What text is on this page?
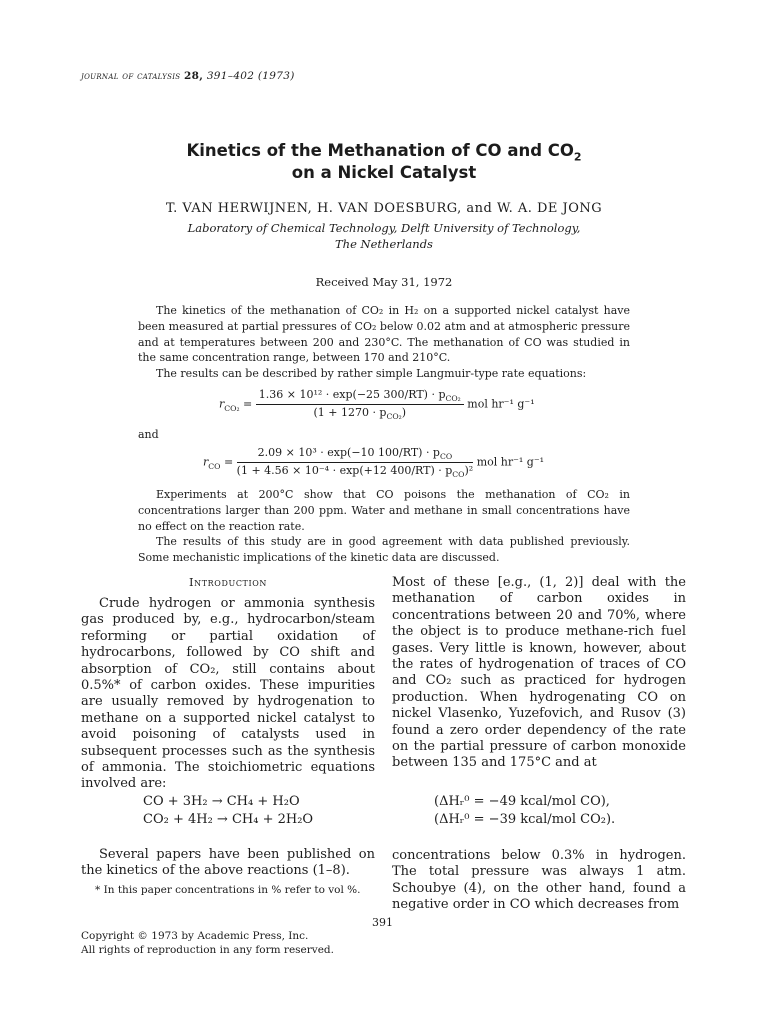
journal of catalysis 28, 391–402 (1973)
Kinetics of the Methanation of CO and $CO_2$
on a Nickel Catalyst
T. VAN HERWIJNEN, H. VAN DOESBURG, and W. A. DE JONG
Laboratory of Chemical Technology, Delft University of Technology,
The Netherlands
Received May 31, 1972

The kinetics of the methanation of CO₂ in H₂ on a supported nickel catalyst have been measured at partial pressures of CO₂ below 0.02 atm and at atmospheric pressure and at temperatures between 200 and 230°C. The methanation of CO was studied in the same concentration range, between 170 and 210°C.

The results can be described by rather simple Langmuir-type rate equations:

$r_{CO_2} = \frac{1.36 \times 10^{12} \cdot \exp(-25 300/RT) \cdot p_{CO_2}}{(1 + 1270 \cdot p_{CO_2})}$ mol hr⁻¹ g⁻¹
and
$r_{CO} = \frac{2.09 \times 10^3 \cdot \exp(-10 100/RT) \cdot p_{CO}}{(1 + 4.56 \times 10^{-4} \cdot \exp(+12 400/RT) \cdot p_{CO})^2}$ mol hr⁻¹ g⁻¹

Experiments at 200°C show that CO poisons the methanation of CO₂ in concentrations larger than 200 ppm. Water and methane in small concentrations have no effect on the reaction rate.

The results of this study are in good agreement with data published previously. Some mechanistic implications of the kinetic data are discussed.

Introduction

Crude hydrogen or ammonia synthesis gas produced by, e.g., hydrocarbon/steam reforming or partial oxidation of hydrocarbons, followed by CO shift and absorption of CO₂, still contains about 0.5%* of carbon oxides. These impurities are usually removed by hydrogenation to methane on a supported nickel catalyst to avoid poisoning of catalysts used in subsequent processes such as the synthesis of ammonia. The stoichiometric equations involved are:

Most of these [e.g., (1, 2)] deal with the methanation of carbon oxides in concentrations between 20 and 70%, where the object is to produce methane-rich fuel gases. Very little is known, however, about the rates of hydrogenation of traces of CO and CO₂ such as practiced for hydrogen production. When hydrogenating CO on nickel Vlasenko, Yuzefovich, and Rusov (3) found a zero order dependency of the rate on the partial pressure of carbon monoxide between 135 and 175°C and at

CO + 3H₂ → CH₄ + H₂O
CO₂ + 4H₂ → CH₄ + 2H₂O
(ΔHᵣ⁰ = −49 kcal/mol CO),
(ΔHᵣ⁰ = −39 kcal/mol CO₂).

Several papers have been published on the kinetics of the above reactions (1–8).

* In this paper concentrations in % refer to vol %.

concentrations below 0.3% in hydrogen. The total pressure was always 1 atm. Schoubye (4), on the other hand, found a negative order in CO which decreases from

391
Copyright © 1973 by Academic Press, Inc.
All rights of reproduction in any form reserved.
